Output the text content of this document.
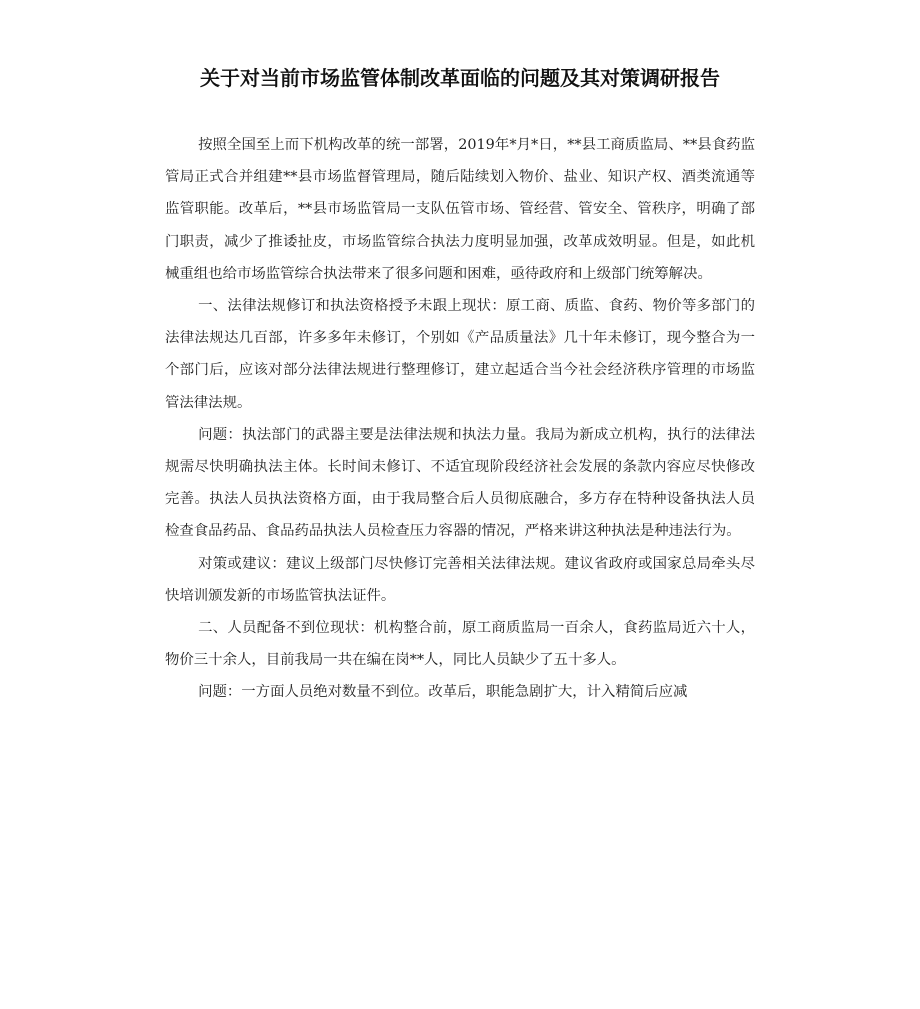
关于对当前市场监管体制改革面临的问题及其对策调研报告

按照全国至上而下机构改革的统一部署，2019年*月*日，**县工商质监局、**县食药监管局正式合并组建**县市场监督管理局，随后陆续划入物价、盐业、知识产权、酒类流通等监管职能。改革后，**县市场监管局一支队伍管市场、管经营、管安全、管秩序，明确了部门职责，减少了推诿扯皮，市场监管综合执法力度明显加强，改革成效明显。但是，如此机械重组也给市场监管综合执法带来了很多问题和困难，亟待政府和上级部门统筹解决。

一、法律法规修订和执法资格授予未跟上现状：原工商、质监、食药、物价等多部门的法律法规达几百部，许多多年未修订，个别如《产品质量法》几十年未修订，现今整合为一个部门后，应该对部分法律法规进行整理修订，建立起适合当今社会经济秩序管理的市场监管法律法规。

问题：执法部门的武器主要是法律法规和执法力量。我局为新成立机构，执行的法律法规需尽快明确执法主体。长时间未修订、不适宜现阶段经济社会发展的条款内容应尽快修改完善。执法人员执法资格方面，由于我局整合后人员彻底融合，多方存在特种设备执法人员检查食品药品、食品药品执法人员检查压力容器的情况，严格来讲这种执法是种违法行为。

对策或建议：建议上级部门尽快修订完善相关法律法规。建议省政府或国家总局牵头尽快培训颁发新的市场监管执法证件。

二、人员配备不到位现状：机构整合前，原工商质监局一百余人，食药监局近六十人，物价三十余人，目前我局一共在编在岗**人，同比人员缺少了五十多人。

问题：一方面人员绝对数量不到位。改革后，职能急剧扩大，计入精简后应减
